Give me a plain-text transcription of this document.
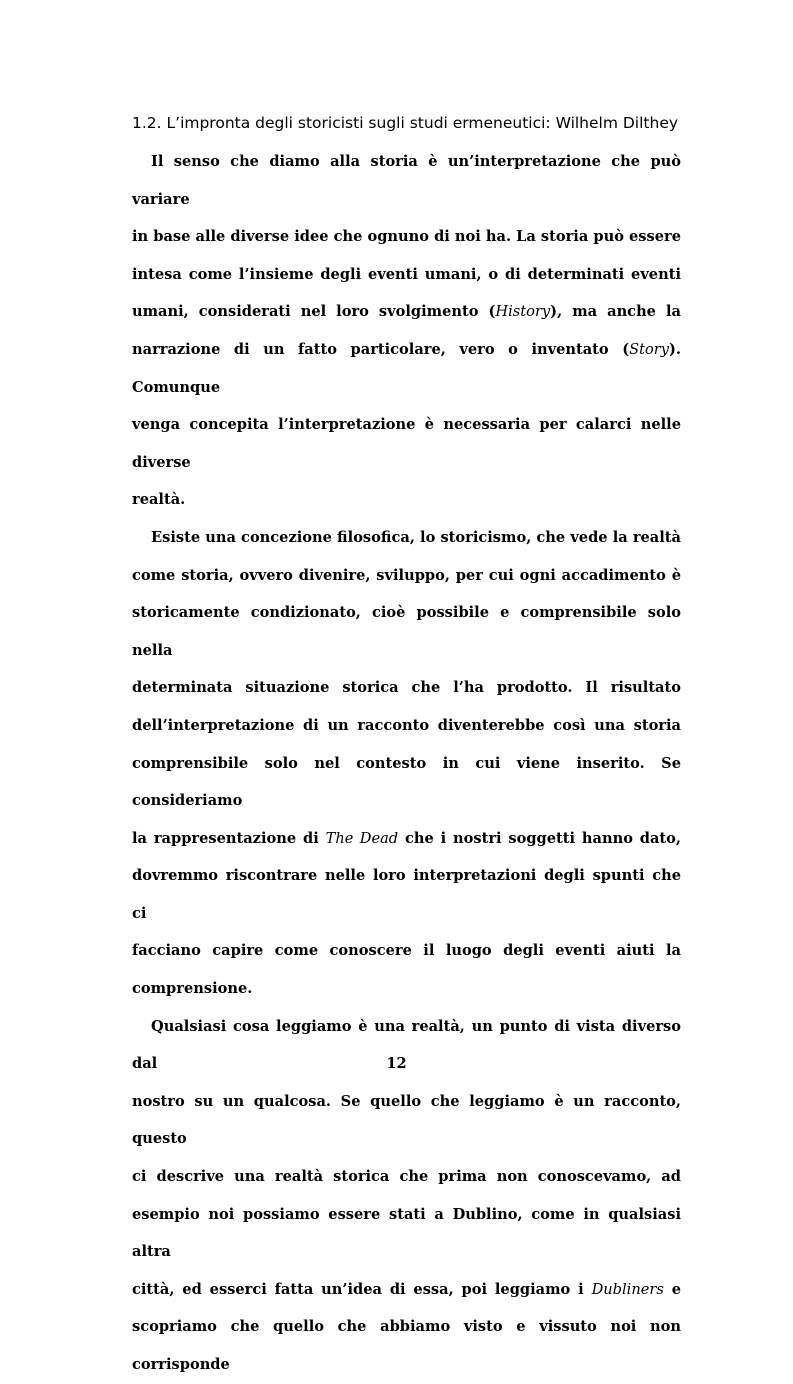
1.2. L’impronta degli storicisti sugli studi ermeneutici: Wilhelm Dilthey
Il senso che diamo alla storia è un’interpretazione che può variare
in base alle diverse idee che ognuno di noi ha. La storia può essere
intesa come l’insieme degli eventi umani, o di determinati eventi
umani, considerati nel loro svolgimento (History), ma anche la
narrazione di un fatto particolare, vero o inventato (Story). Comunque
venga concepita l’interpretazione è necessaria per calarci nelle diverse
realtà.
Esiste una concezione filosofica, lo storicismo, che vede la realtà
come storia, ovvero divenire, sviluppo, per cui ogni accadimento è
storicamente condizionato, cioè possibile e comprensibile solo nella
determinata situazione storica che l’ha prodotto. Il risultato
dell’interpretazione di un racconto diventerebbe così una storia
comprensibile solo nel contesto in cui viene inserito. Se consideriamo
la rappresentazione di The Dead che i nostri soggetti hanno dato,
dovremmo riscontrare nelle loro interpretazioni degli spunti che ci
facciano capire come conoscere il luogo degli eventi aiuti la
comprensione.
Qualsiasi cosa leggiamo è una realtà, un punto di vista diverso dal
nostro su un qualcosa. Se quello che leggiamo è un racconto, questo
ci descrive una realtà storica che prima non conoscevamo, ad
esempio noi possiamo essere stati a Dublino, come in qualsiasi altra
città, ed esserci fatta un’idea di essa, poi leggiamo i Dubliners e
scopriamo che quello che abbiamo visto e vissuto noi non corrisponde
12
